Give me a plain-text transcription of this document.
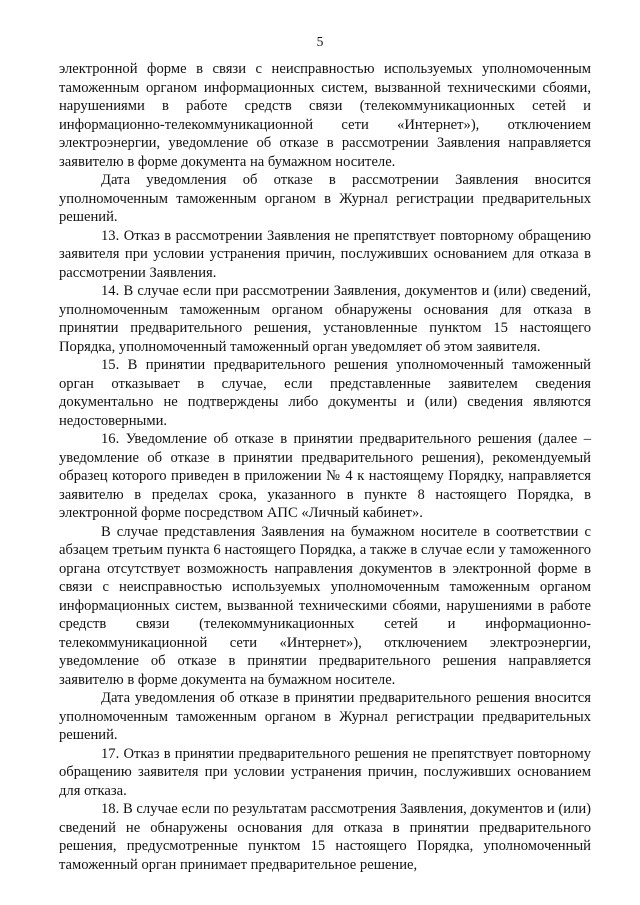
5

электронной форме в связи с неисправностью используемых уполномоченным таможенным органом информационных систем, вызванной техническими сбоями, нарушениями в работе средств связи (телекоммуникационных сетей и информационно-телекоммуникационной сети «Интернет»), отключением электроэнергии, уведомление об отказе в рассмотрении Заявления направляется заявителю в форме документа на бумажном носителе.

Дата уведомления об отказе в рассмотрении Заявления вносится уполномоченным таможенным органом в Журнал регистрации предварительных решений.

13. Отказ в рассмотрении Заявления не препятствует повторному обращению заявителя при условии устранения причин, послуживших основанием для отказа в рассмотрении Заявления.

14. В случае если при рассмотрении Заявления, документов и (или) сведений, уполномоченным таможенным органом обнаружены основания для отказа в принятии предварительного решения, установленные пунктом 15 настоящего Порядка, уполномоченный таможенный орган уведомляет об этом заявителя.

15. В принятии предварительного решения уполномоченный таможенный орган отказывает в случае, если представленные заявителем сведения документально не подтверждены либо документы и (или) сведения являются недостоверными.

16. Уведомление об отказе в принятии предварительного решения (далее – уведомление об отказе в принятии предварительного решения), рекомендуемый образец которого приведен в приложении № 4 к настоящему Порядку, направляется заявителю в пределах срока, указанного в пункте 8 настоящего Порядка, в электронной форме посредством АПС «Личный кабинет».

В случае представления Заявления на бумажном носителе в соответствии с абзацем третьим пункта 6 настоящего Порядка, а также в случае если у таможенного органа отсутствует возможность направления документов в электронной форме в связи с неисправностью используемых уполномоченным таможенным органом информационных систем, вызванной техническими сбоями, нарушениями в работе средств связи (телекоммуникационных сетей и информационно-телекоммуникационной сети «Интернет»), отключением электроэнергии, уведомление об отказе в принятии предварительного решения направляется заявителю в форме документа на бумажном носителе.

Дата уведомления об отказе в принятии предварительного решения вносится уполномоченным таможенным органом в Журнал регистрации предварительных решений.

17. Отказ в принятии предварительного решения не препятствует повторному обращению заявителя при условии устранения причин, послуживших основанием для отказа.

18. В случае если по результатам рассмотрения Заявления, документов и (или) сведений не обнаружены основания для отказа в принятии предварительного решения, предусмотренные пунктом 15 настоящего Порядка, уполномоченный таможенный орган принимает предварительное решение,
